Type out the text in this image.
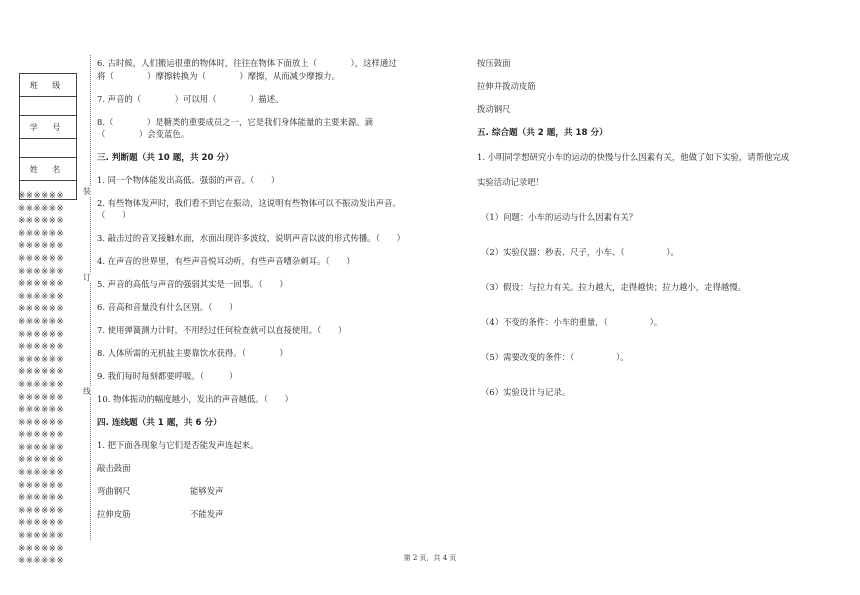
班 级

学 号

姓 名

※※※※※※
※※※※※※
※※※※※※
※※※※※※
※※※※※※
※※※※※※
※※※※※※
※※※※※※
※※※※※※
※※※※※※
※※※※※※
※※※※※※
※※※※※※
※※※※※※
※※※※※※
※※※※※※
※※※※※※
※※※※※※
※※※※※※
※※※※※※
※※※※※※
※※※※※※
※※※※※※
※※※※※※
※※※※※※
※※※※※※
※※※※※※
※※※※※※
※※※※※※
※※※※※※
装
订
线
6. 古时候，人们搬运很重的物体时，往往在物体下面放上（　　　　），这样通过
将（　　　　）摩擦转换为（　　　　）摩擦，从而减少摩擦力。
7. 声音的（　　　　）可以用（　　　　）描述。
8.（　　　　）是糖类的重要成员之一，它是我们身体能量的主要来源。滴
（　　　　）会变蓝色。
三. 判断题（共 10 题，共 20 分）
1. 同一个物体能发出高低、强弱的声音。（　　）
2. 有些物体发声时，我们看不到它在振动，这说明有些物体可以不振动发出声音。
（　　）
3. 敲击过的音叉接触水面，水面出现许多波纹，说明声音以波的形式传播。（　　）
4. 在声音的世界里，有些声音悦耳动听，有些声音嘈杂刺耳。（　　）
5. 声音的高低与声音的强弱其实是一回事。（　　）
6. 音高和音量没有什么区别。（　　）
7. 使用弹簧测力计时，不用经过任何检查就可以直接使用。（　　）
8. 人体所需的无机盐主要靠饮水获得。（　　　　）
9. 我们每时每刻都要呼吸。（　　　）
10. 物体振动的幅度越小，发出的声音越低。（　　）
四. 连线题（共 1 题，共 6 分）
1. 把下面各现象与它们是否能发声连起来。
敲击鼓面
弯曲钢尺	能够发声
拉伸皮筋	不能发声
按压鼓面
拉伸并拨动皮筋
拨动钢尺
五. 综合题（共 2 题，共 18 分）
1. 小明同学想研究小车的运动的快慢与什么因素有关，他做了如下实验，请帮他完成
实验活动记录吧！
（1）问题：小车的运动与什么因素有关？
（2）实验仪器：秒表、尺子，小车、（　　　　　）。
（3）假设：与拉力有关。拉力越大，走得越快；拉力越小，走得越慢。
（4）不变的条件：小车的重量，（　　　　　）。
（5）需要改变的条件：（　　　　　）。
（6）实验设计与记录。
第 2 页，共 4 页
